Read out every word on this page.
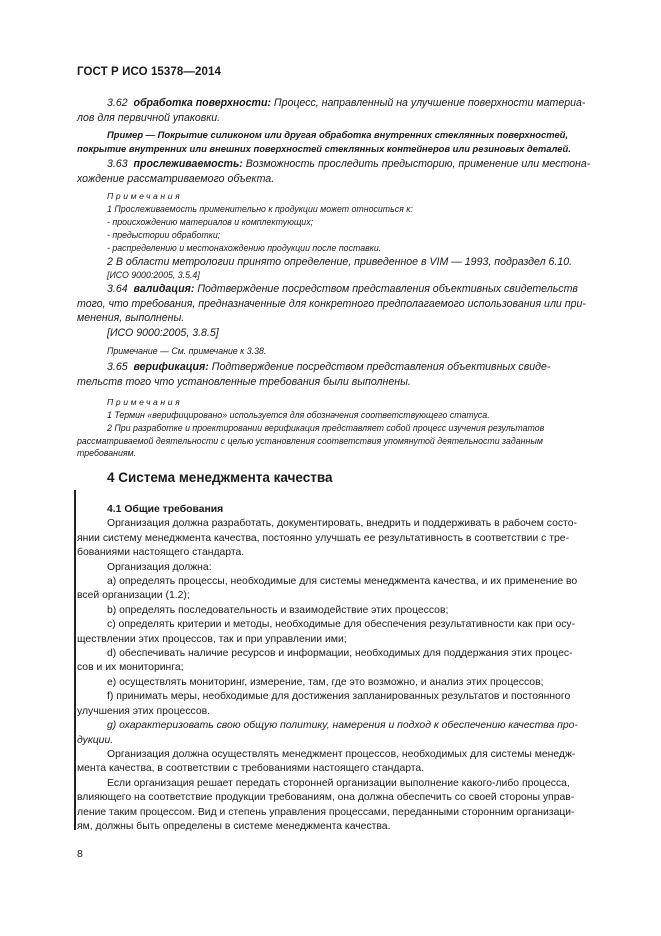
ГОСТ Р ИСО 15378—2014

3.62 обработка поверхности: Процесс, направленный на улучшение поверхности материа-

лов для первичной упаковки.

Пример — Покрытие силиконом или другая обработка внутренних стеклянных поверхностей,

покрытие внутренних или внешних поверхностей стеклянных контейнеров или резиновых деталей.

3.63 прослеживаемость: Возможность проследить предысторию, применение или местона-

хождение рассматриваемого объекта.

Примечания

1 Прослеживаемость применительно к продукции может относиться к:

- происхождению материалов и комплектующих;

- предыстории обработки;

- распределению и местонахождению продукции после поставки.

2 В области метрологии принято определение, приведенное в VIM — 1993, подраздел 6.10.

[ИСО 9000:2005, 3.5.4]

3.64 валидация: Подтверждение посредством представления объективных свидетельств

того, что требования, предназначенные для конкретного предполагаемого использования или при-

менения, выполнены.

[ИСО 9000:2005, 3.8.5]

Примечание — См. примечание к 3.38.

3.65 верификация: Подтверждение посредством представления объективных свиде-

тельств того что установленные требования были выполнены.

Примечания

1 Термин «верифицировано» используется для обозначения соответствующего статуса.

2 При разработке и проектировании верификация представляет собой процесс изучения результатов

рассматриваемой деятельности с целью установления соответствия упомянутой деятельности заданным

требованиям.

4 Система менеджмента качества

4.1 Общие требования

Организация должна разработать, документировать, внедрить и поддерживать в рабочем состо-

янии систему менеджмента качества, постоянно улучшать ее результативность в соответствии с тре-

бованиями настоящего стандарта.

Организация должна:

a) определять процессы, необходимые для системы менеджмента качества, и их применение во

всей организации (1.2);

b) определять последовательность и взаимодействие этих процессов;

c) определять критерии и методы, необходимые для обеспечения результативности как при осу-

ществлении этих процессов, так и при управлении ими;

d) обеспечивать наличие ресурсов и информации, необходимых для поддержания этих процес-

сов и их мониторинга;

e) осуществлять мониторинг, измерение, там, где это возможно, и анализ этих процессов;

f) принимать меры, необходимые для достижения запланированных результатов и постоянного

улучшения этих процессов.

g) охарактеризовать свою общую политику, намерения и подход к обеспечению качества про-

дукции.

Организация должна осуществлять менеджмент процессов, необходимых для системы менедж-

мента качества, в соответствии с требованиями настоящего стандарта.

Если организация решает передать сторонней организации выполнение какого-либо процесса,

влияющего на соответствие продукции требованиям, она должна обеспечить со своей стороны управ-

ление таким процессом. Вид и степень управления процессами, переданными сторонним организаци-

ям, должны быть определены в системе менеджмента качества.

8
